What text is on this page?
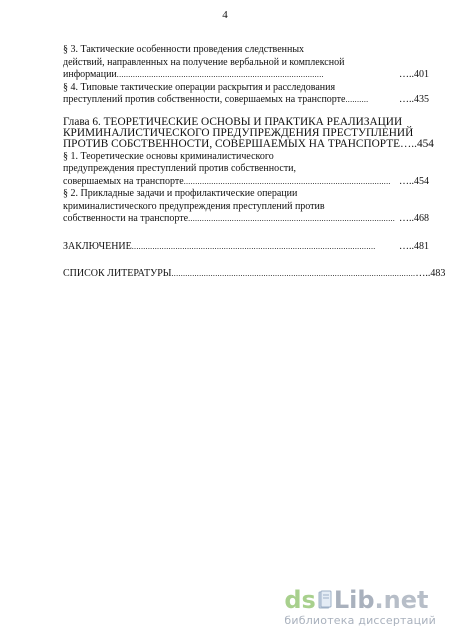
4
§ 3. Тактические особенности проведения следственных
действий, направленных на получение вербальной и комплексной
информации ..........................................................................................	…..401
§ 4. Типовые тактические операции раскрытия и расследования
преступлений против собственности, совершаемых на транспорте ..........	…..435
Глава 6. ТЕОРЕТИЧЕСКИЕ ОСНОВЫ И ПРАКТИКА РЕАЛИЗАЦИИ
КРИМИНАЛИСТИЧЕСКОГО ПРЕДУПРЕЖДЕНИЯ ПРЕСТУПЛЕНИЙ
ПРОТИВ СОБСТВЕННОСТИ, СОВЕРШАЕМЫХ НА ТРАНСПОРТЕ …..454
§ 1. Теоретические основы криминалистического
предупреждения преступлений против собственности,
совершаемых на транспорте .......................................................................................... …..454
§ 2. Прикладные задачи и профилактические операции
криминалистического предупреждения преступлений против
собственности на транспорте .......................................................................................... …..468
ЗАКЛЮЧЕНИЕ ..........................................................................................................	…..481
СПИСОК ЛИТЕРАТУРЫ .......................................................................................................... …..483
ds Lib .net
библиотека диссертаций
